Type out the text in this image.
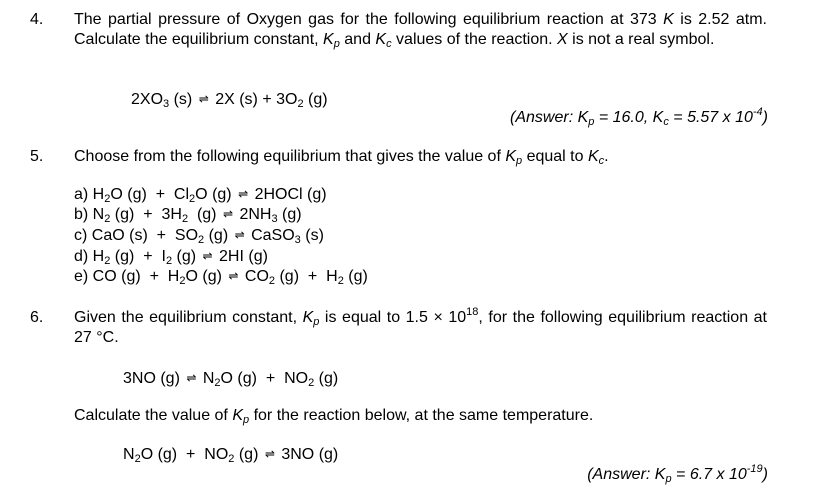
4. The partial pressure of Oxygen gas for the following equilibrium reaction at 373 K is 2.52 atm. Calculate the equilibrium constant, $K_p$ and $K_c$ values of the reaction. X is not a real symbol.
$2XO_3$ (s) ⇌ 2X $(s) + 3O_2$ (g)
(Answer: $K_p = 16.0$, $K_c = 5.57$ x $10^{-4}$)
5. Choose from the following equilibrium that gives the value of $K_p$ equal to $K_c$.
a) $H_2O$ $(g) + Cl_2O$ (g) ⇌ 2HOCl (g)
b) $N_2$ $(g) + 3H_2$  (g) ⇌ $2NH_3$ (g)
c) CaO $(s) + SO_2$ (g) ⇌ CaSO$_3$ (s)
d) $H_2$ $(g) + I_2$ (g) ⇌ 2HI (g)
e) CO $(g) + H_2O$ (g) ⇌ $CO_2$ $(g) + H_2$ (g)
6. Given the equilibrium constant, $K_p$ is equal to $1.5 \times 10^{18}$, for the following equilibrium reaction at 27 °C.
3NO (g) ⇌ $N_2O$ $(g) + NO_2$ (g)
Calculate the value of $K_p$ for the reaction below, at the same temperature.
$N_2O$ $(g) + NO_2$ (g) ⇌ 3NO (g)
(Answer: $K_p = 6.7$ x $10^{-19}$)
